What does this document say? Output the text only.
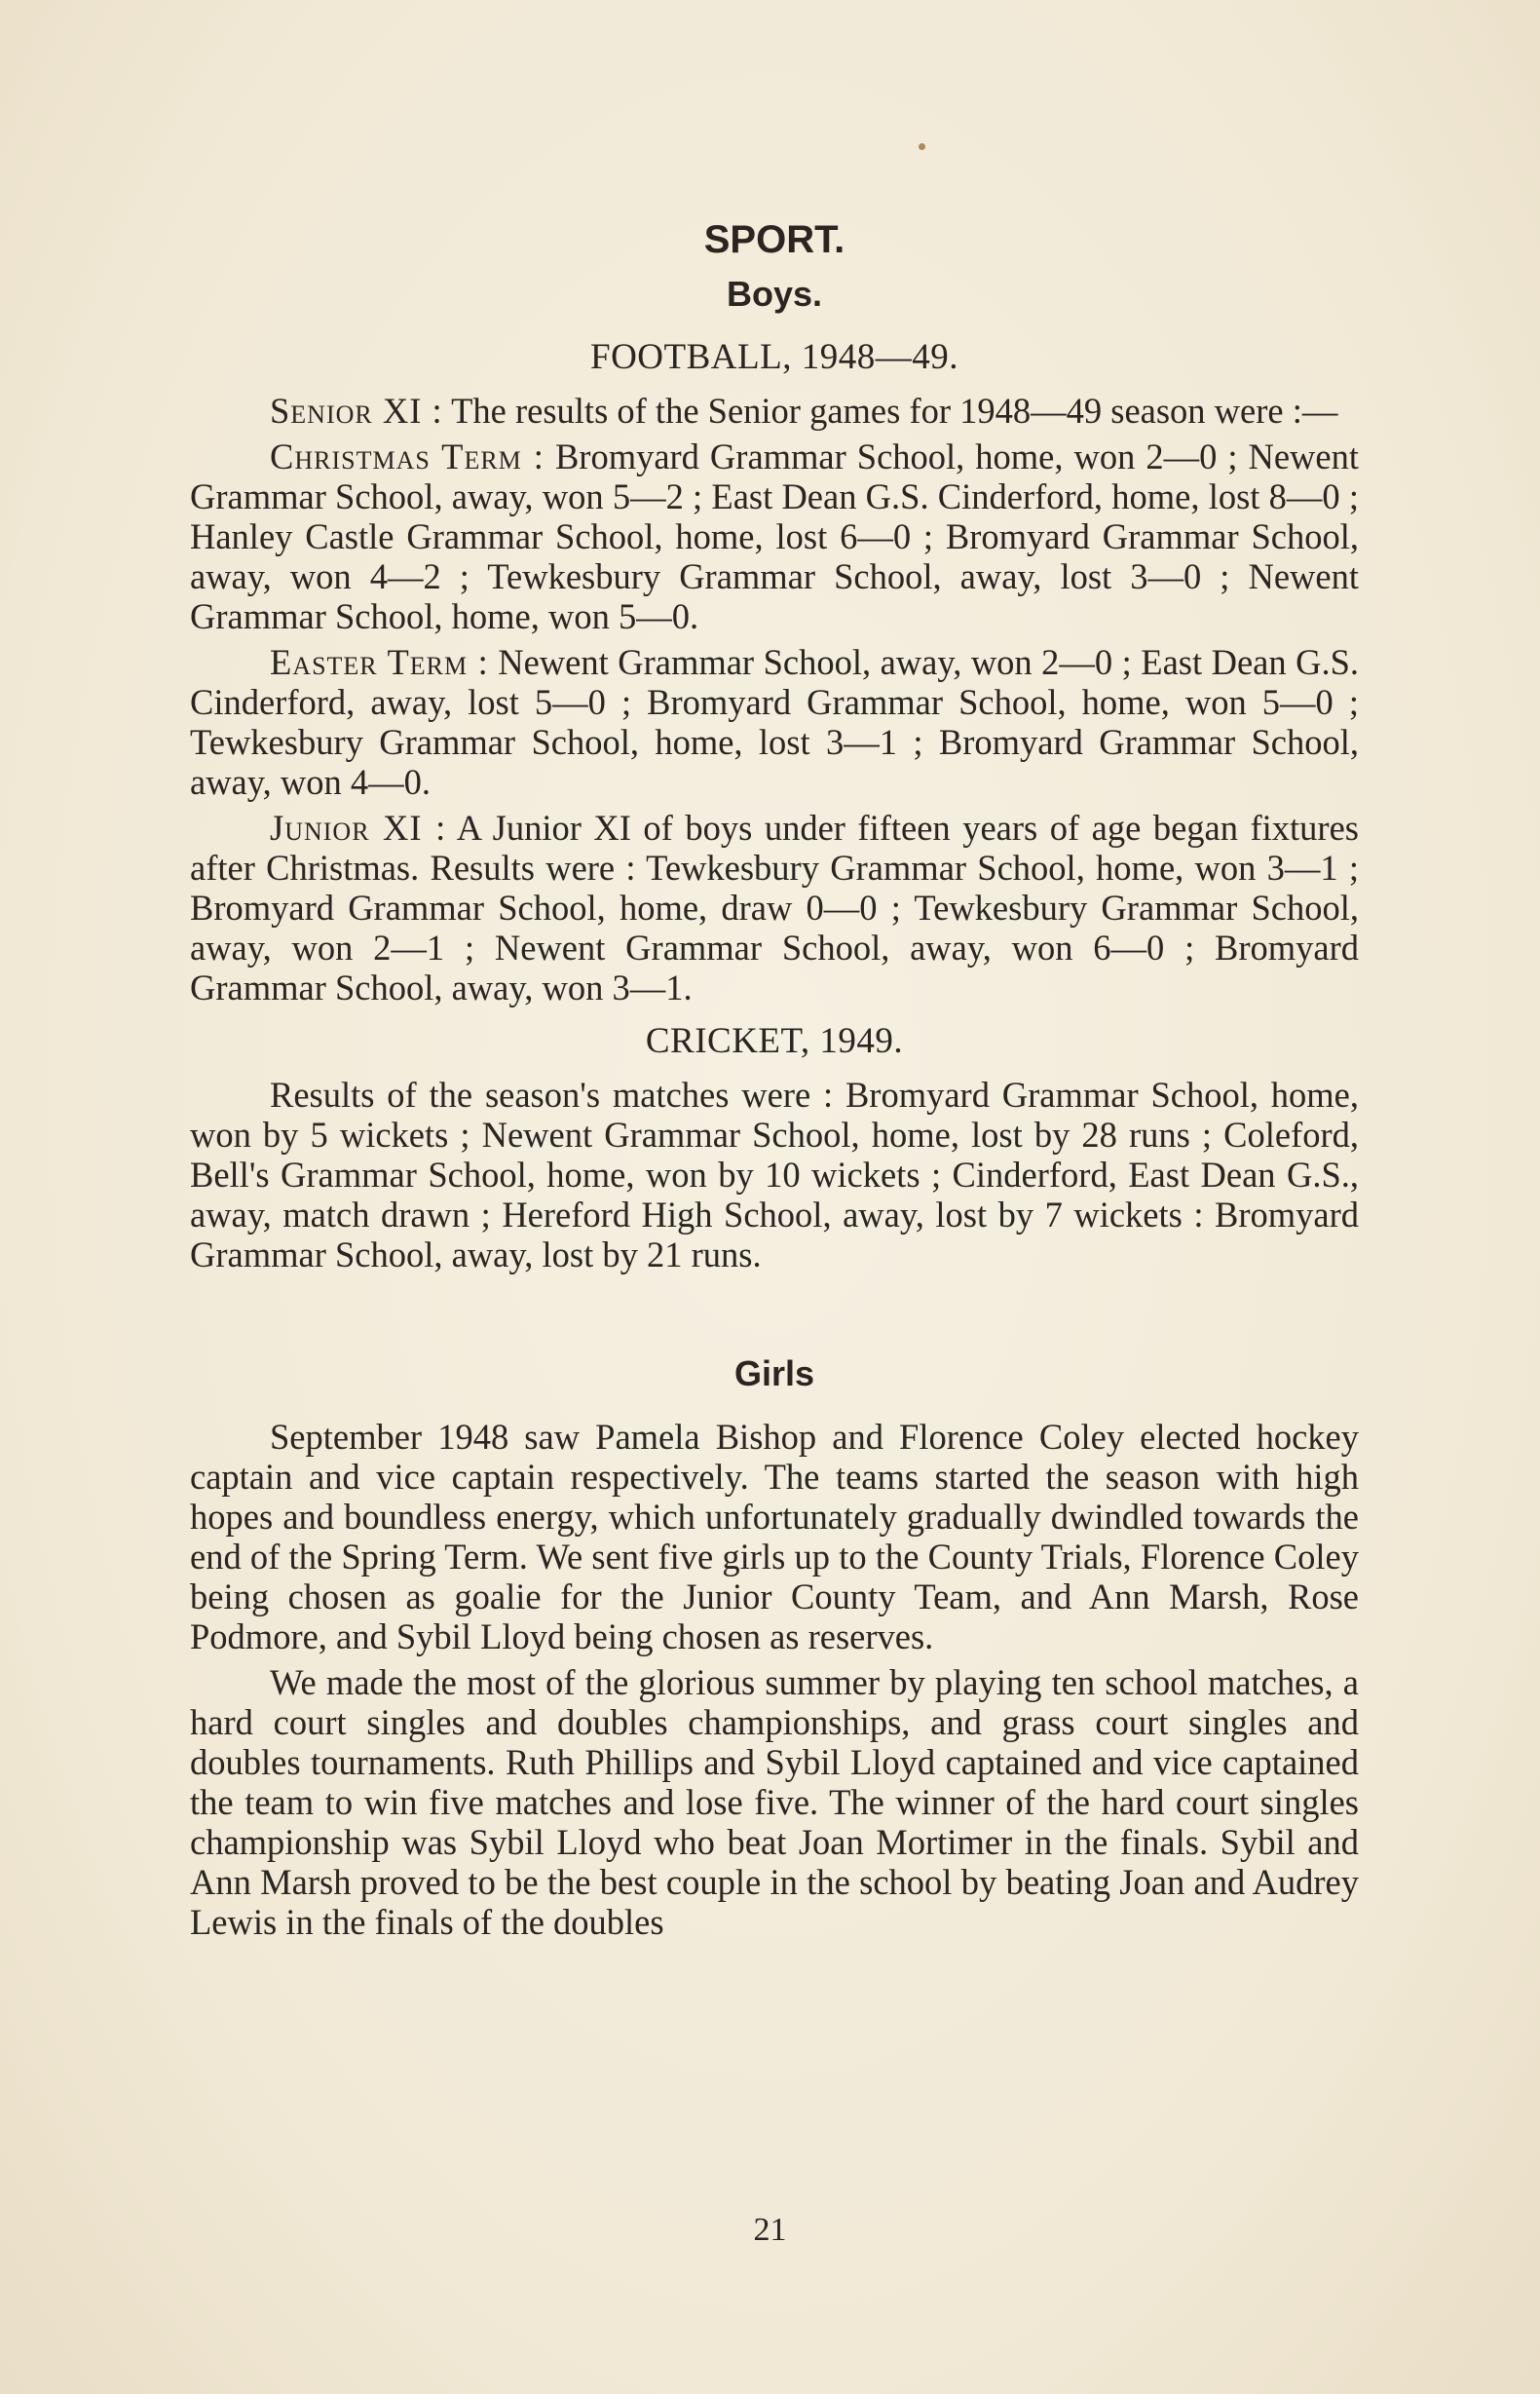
SPORT.
Boys.
FOOTBALL, 1948—49.

Senior XI : The results of the Senior games for 1948—49 season were :—

Christmas Term : Bromyard Grammar School, home, won 2—0 ; Newent Grammar School, away, won 5—2 ; East Dean G.S. Cinderford, home, lost 8—0 ; Hanley Castle Grammar School, home, lost 6—0 ; Bromyard Grammar School, away, won 4—2 ; Tewkesbury Grammar School, away, lost 3—0 ; Newent Grammar School, home, won 5—0.

Easter Term : Newent Grammar School, away, won 2—0 ; East Dean G.S. Cinderford, away, lost 5—0 ; Bromyard Grammar School, home, won 5—0 ; Tewkesbury Grammar School, home, lost 3—1 ; Bromyard Grammar School, away, won 4—0.

Junior XI : A Junior XI of boys under fifteen years of age began fixtures after Christmas. Results were : Tewkesbury Grammar School, home, won 3—1 ; Bromyard Grammar School, home, draw 0—0 ; Tewkesbury Grammar School, away, won 2—1 ; Newent Grammar School, away, won 6—0 ; Bromyard Grammar School, away, won 3—1.

CRICKET, 1949.

Results of the season's matches were : Bromyard Grammar School, home, won by 5 wickets ; Newent Grammar School, home, lost by 28 runs ; Coleford, Bell's Grammar School, home, won by 10 wickets ; Cinderford, East Dean G.S., away, match drawn ; Hereford High School, away, lost by 7 wickets : Bromyard Grammar School, away, lost by 21 runs.

Girls

September 1948 saw Pamela Bishop and Florence Coley elected hockey captain and vice captain respectively. The teams started the season with high hopes and boundless energy, which unfortunately gradually dwindled towards the end of the Spring Term. We sent five girls up to the County Trials, Florence Coley being chosen as goalie for the Junior County Team, and Ann Marsh, Rose Podmore, and Sybil Lloyd being chosen as reserves.

We made the most of the glorious summer by playing ten school matches, a hard court singles and doubles championships, and grass court singles and doubles tournaments. Ruth Phillips and Sybil Lloyd captained and vice captained the team to win five matches and lose five. The winner of the hard court singles championship was Sybil Lloyd who beat Joan Mortimer in the finals. Sybil and Ann Marsh proved to be the best couple in the school by beating Joan and Audrey Lewis in the finals of the doubles

21
